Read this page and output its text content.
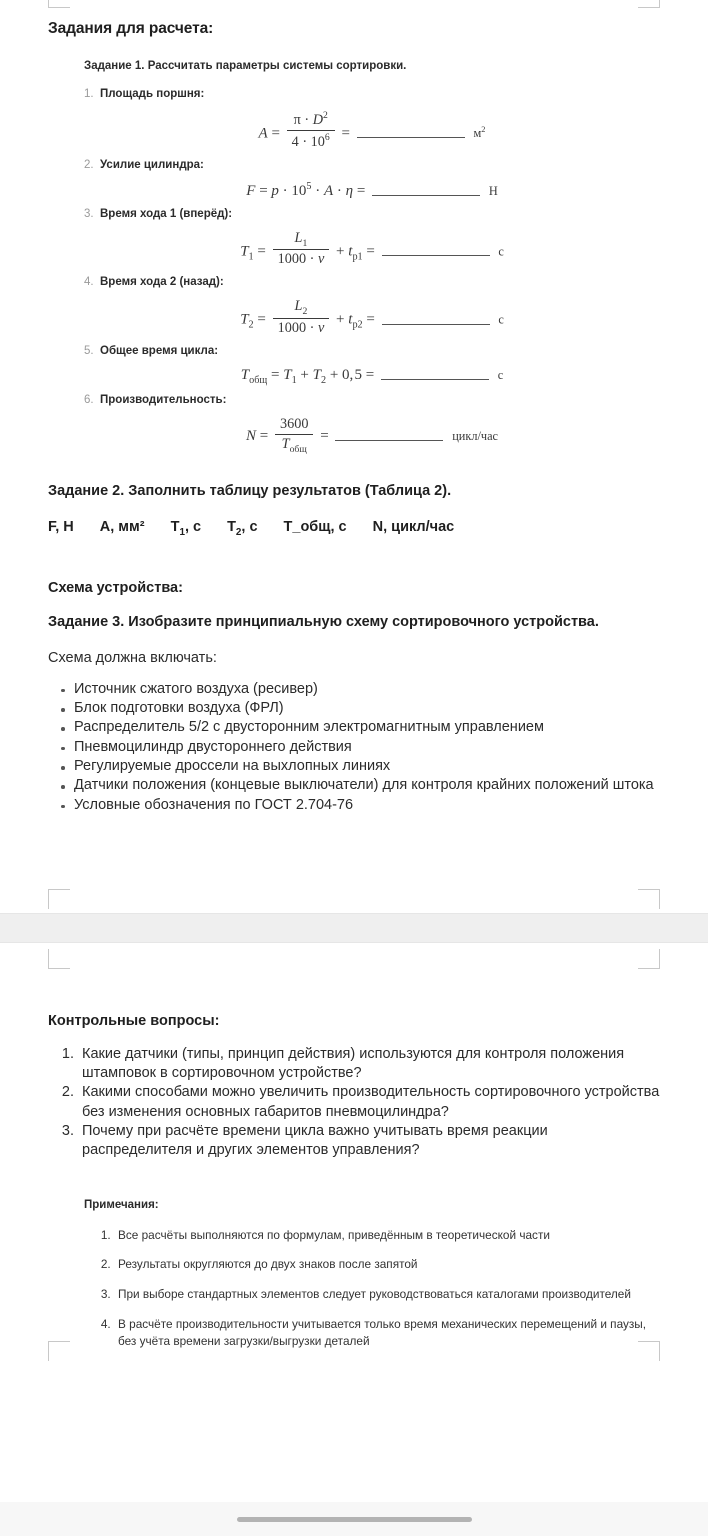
Задания для расчета:

Задание 1. Рассчитать параметры системы сортировки.

1. Площадь поршня:

$A = \frac{\pi \cdot D^2}{4 \cdot 10^6}$ =	$м^2$

2. Усилие цилиндра:

$F = p \cdot 10^5 \cdot A \cdot \eta$ =	Н

3. Время хода 1 (вперёд):

$T_1 = \frac{L_1}{1000 \cdot v} + t_{р1}$ =	с

4. Время хода 2 (назад):

$T_2 = \frac{L_2}{1000 \cdot v} + t_{р2}$ =	с

5. Общее время цикла:

$T_{общ} = T_1 + T_2 + 0$, 5 =	с

6. Производительность:

$N = \frac{3600}{T_{общ}}$ =	цикл/час

Задание 2. Заполнить таблицу результатов (Таблица 2).

F, Н A, мм² $T_1$, с $T_2$, с T_общ, с N, цикл/час

Схема устройства:

Задание 3. Изобразите принципиальную схему сортировочного устройства.

Схема должна включать:

Источник сжатого воздуха (ресивер)
Блок подготовки воздуха (ФРЛ)
Распределитель 5/2 с двусторонним электромагнитным управлением
Пневмоцилиндр двустороннего действия
Регулируемые дроссели на выхлопных линиях
Датчики положения (концевые выключатели) для контроля крайних положений штока
Условные обозначения по ГОСТ 2.704-76

Контрольные вопросы:

1. Какие датчики (типы, принцип действия) используются для контроля положения штамповок в сортировочном устройстве?
2. Какими способами можно увеличить производительность сортировочного устройства без изменения основных габаритов пневмоцилиндра?
3. Почему при расчёте времени цикла важно учитывать время реакции распределителя и других элементов управления?

Примечания:

1. Все расчёты выполняются по формулам, приведённым в теоретической части
2. Результаты округляются до двух знаков после запятой
3. При выборе стандартных элементов следует руководствоваться каталогами производителей
4. В расчёте производительности учитывается только время механических перемещений и паузы, без учёта времени загрузки/выгрузки деталей
